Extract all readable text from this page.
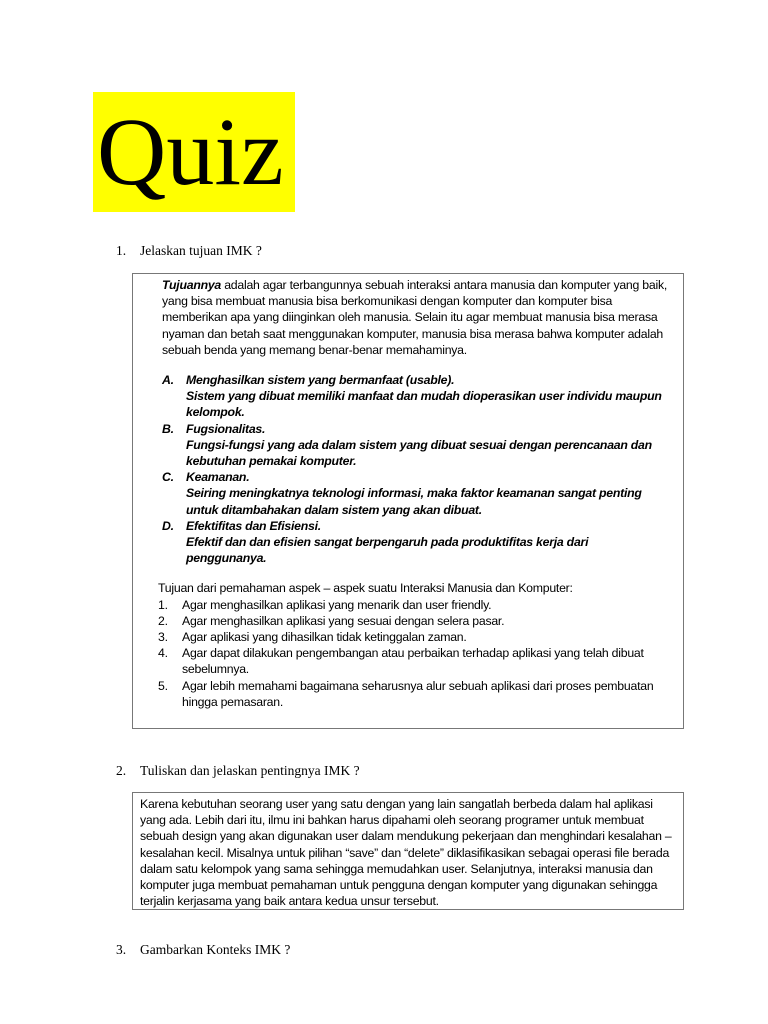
Quiz
1.	Jelaskan tujuan IMK ?

Tujuannya adalah agar terbangunnya sebuah interaksi antara manusia dan komputer yang baik, yang bisa membuat manusia bisa berkomunikasi dengan komputer dan komputer bisa memberikan apa yang diinginkan oleh manusia. Selain itu agar membuat manusia bisa merasa nyaman dan betah saat menggunakan komputer, manusia bisa merasa bahwa komputer adalah sebuah benda yang memang benar-benar memahaminya.

A. Menghasilkan sistem yang bermanfaat (usable).
Sistem yang dibuat memiliki manfaat dan mudah dioperasikan user individu maupun kelompok.
B. Fugsionalitas.
Fungsi-fungsi yang ada dalam sistem yang dibuat sesuai dengan perencanaan dan kebutuhan pemakai komputer.
C. Keamanan.
Seiring meningkatnya teknologi informasi, maka faktor keamanan sangat penting untuk ditambahakan dalam sistem yang akan dibuat.
D. Efektifitas dan Efisiensi.
Efektif dan dan efisien sangat berpengaruh pada produktifitas kerja dari penggunanya.

Tujuan dari pemahaman aspek – aspek suatu Interaksi Manusia dan Komputer:

1.	Agar menghasilkan aplikasi yang menarik dan user friendly.
2.	Agar menghasilkan aplikasi yang sesuai dengan selera pasar.
3.	Agar aplikasi yang dihasilkan tidak ketinggalan zaman.
4.	Agar dapat dilakukan pengembangan atau perbaikan terhadap aplikasi yang telah dibuat sebelumnya.
5.	Agar lebih memahami bagaimana seharusnya alur sebuah aplikasi dari proses pembuatan hingga pemasaran.
2.	Tuliskan dan jelaskan pentingnya IMK ?

Karena kebutuhan seorang user yang satu dengan yang lain sangatlah berbeda dalam hal aplikasi yang ada. Lebih dari itu, ilmu ini bahkan harus dipahami oleh seorang programer untuk membuat sebuah design yang akan digunakan user dalam mendukung pekerjaan dan menghindari kesalahan – kesalahan kecil. Misalnya untuk pilihan “save” dan “delete” diklasifikasikan sebagai operasi file berada dalam satu kelompok yang sama sehingga memudahkan user. Selanjutnya, interaksi manusia dan komputer juga membuat pemahaman untuk pengguna dengan komputer yang digunakan sehingga terjalin kerjasama yang baik antara kedua unsur tersebut.

3.	Gambarkan Konteks IMK ?
